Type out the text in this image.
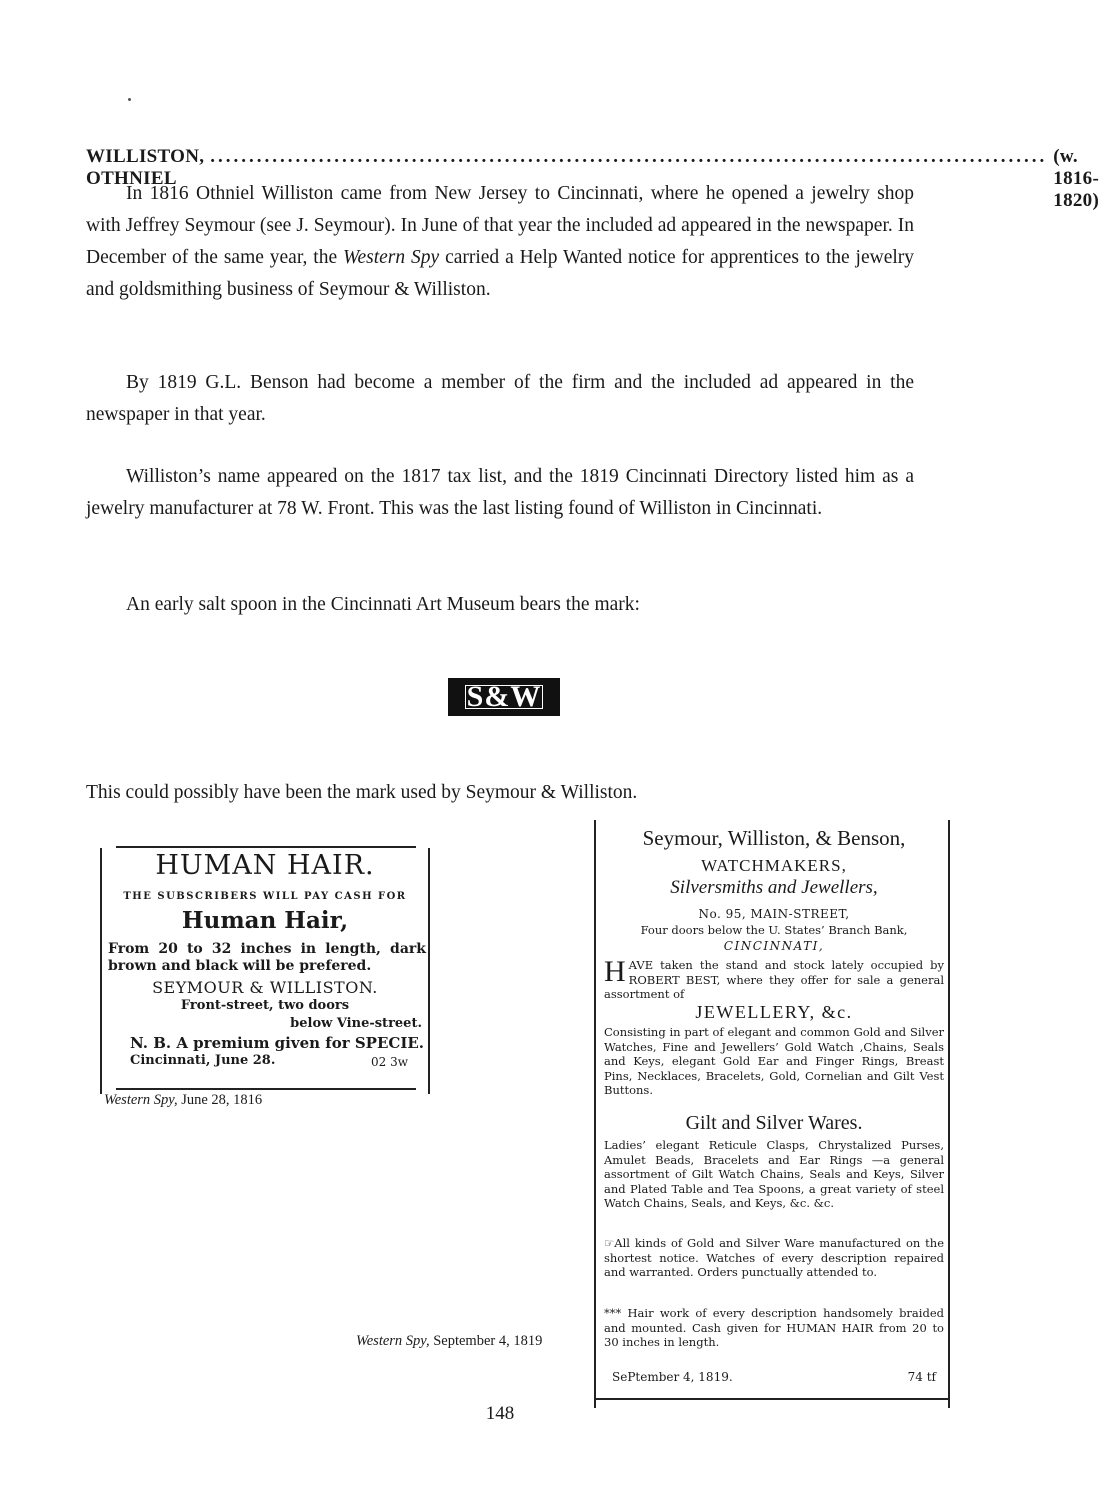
WILLISTON, OTHNIEL
............................................................................................................ (w. 1816-1820)
In 1816 Othniel Williston came from New Jersey to Cincinnati, where he opened a jewelry shop with Jeffrey Seymour (see J. Seymour). In June of that year the included ad appeared in the newspaper. In December of the same year, the Western Spy carried a Help Wanted notice for apprentices to the jewelry and goldsmithing business of Seymour & Williston.
By 1819 G.L. Benson had become a member of the firm and the included ad appeared in the newspaper in that year.
Williston’s name appeared on the 1817 tax list, and the 1819 Cincinnati Directory listed him as a jewelry manufacturer at 78 W. Front. This was the last listing found of Williston in Cincinnati.
An early salt spoon in the Cincinnati Art Museum bears the mark:
S&W
This could possibly have been the mark used by Seymour & Williston.
HUMAN HAIR.
THE SUBSCRIBERS WILL PAY CASH FOR
Human Hair,
From 20 to 32 inches in length, dark brown and black will be prefered.
SEYMOUR & WILLISTON.
Front-street, two doors
below Vine-street.
N. B. A premium given for SPECIE.
Cincinnati, June 28.	02 3w
Western Spy, June 28, 1816
Seymour, Williston, & Benson,
WATCHMAKERS,
Silversmiths and Jewellers,
No. 95, MAIN-STREET,
Four doors below the U. States’ Branch Bank,
CINCINNATI,
HAVE taken the stand and stock lately occupied by ROBERT BEST, where they offer for sale a general assortment of
JEWELLERY, &c.
Consisting in part of elegant and common Gold and Silver Watches, Fine and Jewellers’ Gold Watch ,Chains, Seals and Keys, elegant Gold Ear and Finger Rings, Breast Pins, Necklaces, Bracelets, Gold, Cornelian and Gilt Vest Buttons.
Gilt and Silver Wares.
Ladies’ elegant Reticule Clasps, Chrystalized Purses, Amulet Beads, Bracelets and Ear Rings —a general assortment of Gilt Watch Chains, Seals and Keys, Silver and Plated Table and Tea Spoons, a great variety of steel Watch Chains, Seals, and Keys, &c. &c.
☞All kinds of Gold and Silver Ware manufactured on the shortest notice. Watches of every description repaired and warranted. Orders punctually attended to.
*** Hair work of every description handsomely braided and mounted. Cash given for HUMAN HAIR from 20 to 30 inches in length.
SePtember 4, 1819.	74 tf
Western Spy, September 4, 1819
148
